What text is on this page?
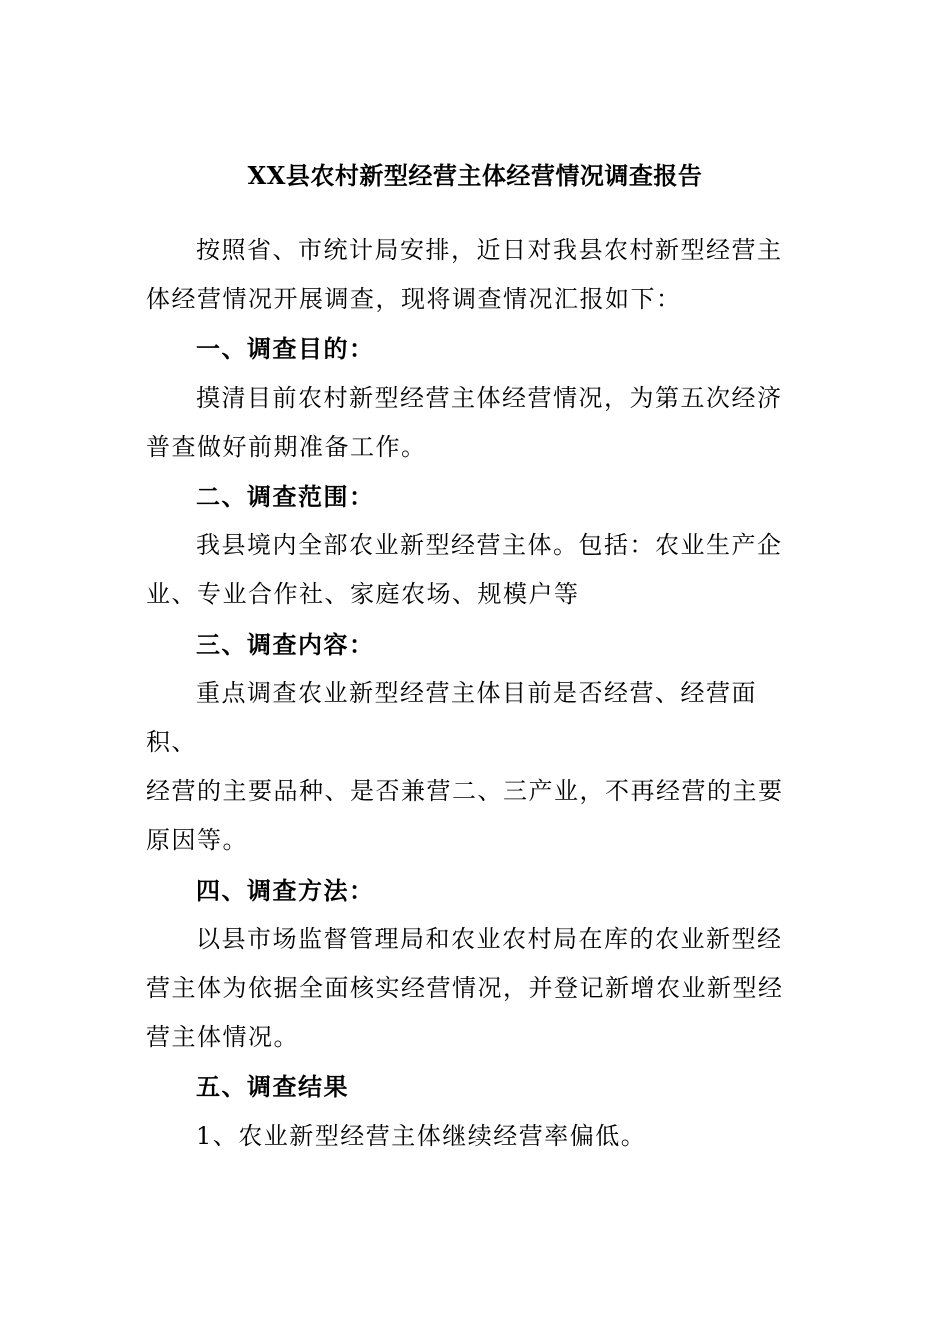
XX县农村新型经营主体经营情况调查报告

按照省、市统计局安排，近日对我县农村新型经营主
体经营情况开展调查，现将调查情况汇报如下：

一、调查目的：

摸清目前农村新型经营主体经营情况，为第五次经济
普查做好前期准备工作。

二、调查范围：

我县境内全部农业新型经营主体。包括：农业生产企
业、专业合作社、家庭农场、规模户等

三、调查内容：

重点调查农业新型经营主体目前是否经营、经营面积、
经营的主要品种、是否兼营二、三产业，不再经营的主要
原因等。

四、调查方法：

以县市场监督管理局和农业农村局在库的农业新型经
营主体为依据全面核实经营情况，并登记新增农业新型经
营主体情况。

五、调查结果

1、农业新型经营主体继续经营率偏低。
